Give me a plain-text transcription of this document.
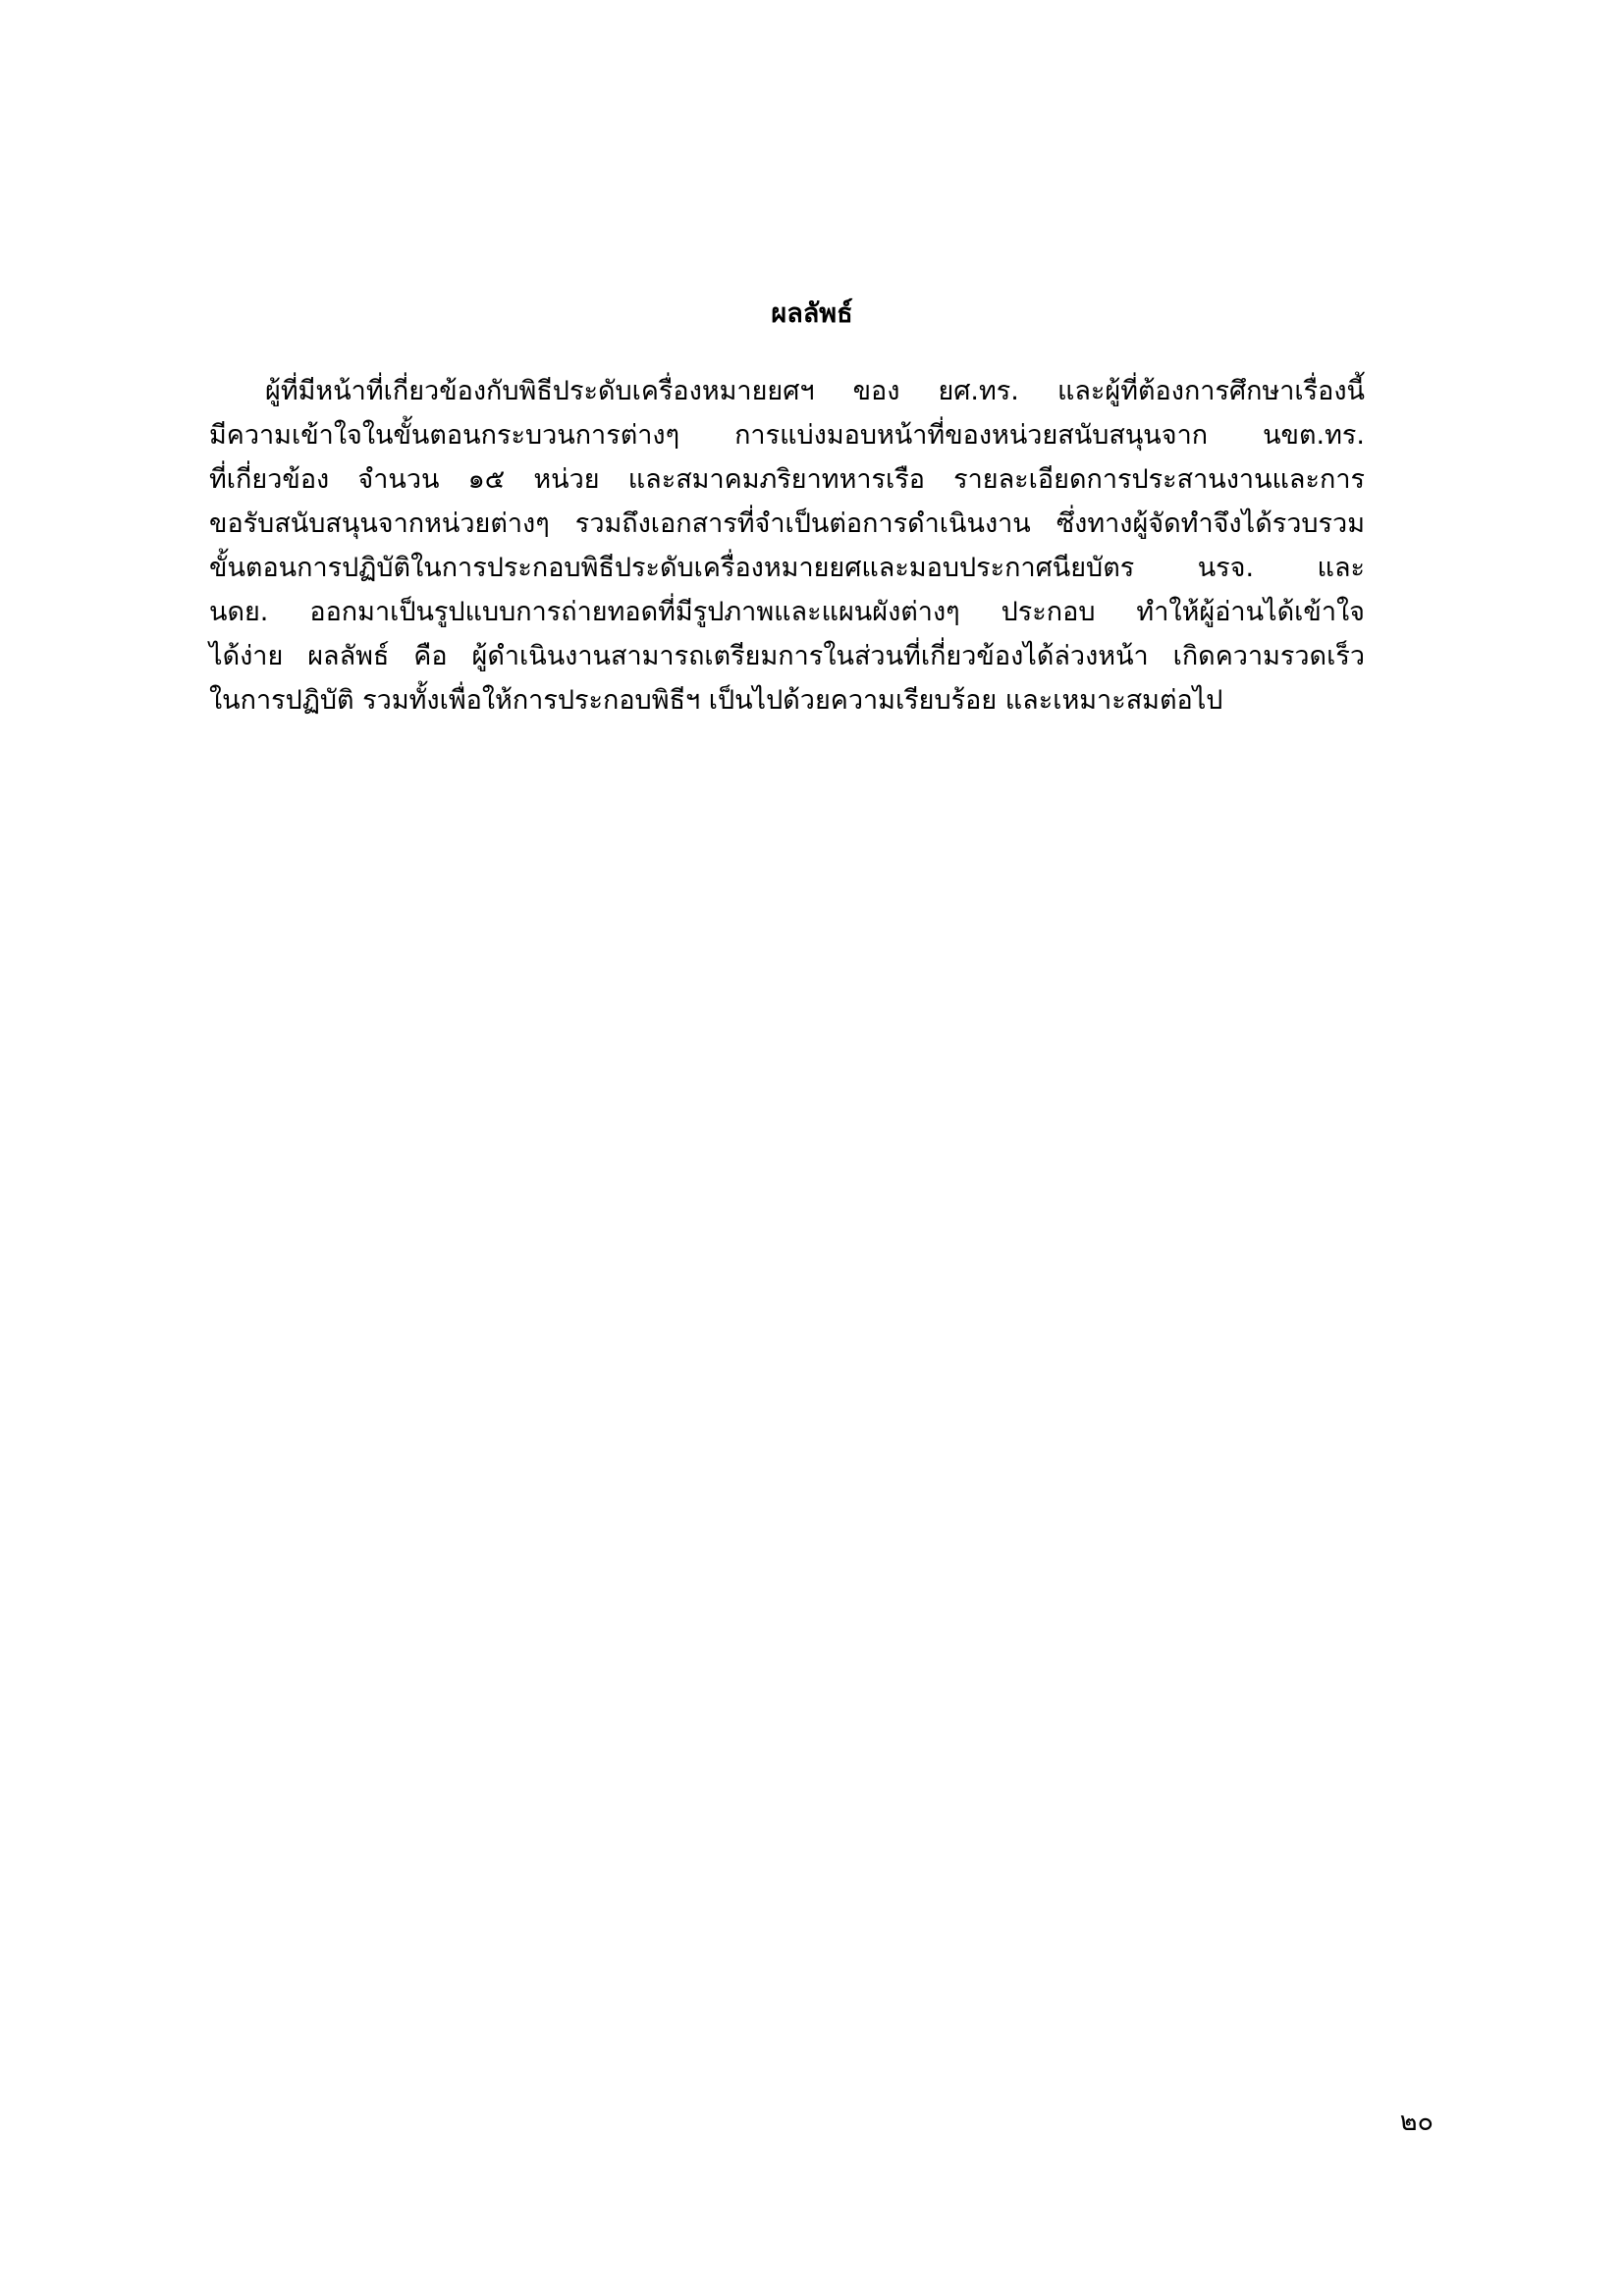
ผลลัพธ์
ผู้ที่มีหน้าที่เกี่ยวข้องกับพิธีประดับเครื่องหมายยศฯ ของ ยศ.ทร. และผู้ที่ต้องการศึกษาเรื่องนี้
มีความเข้าใจในขั้นตอนกระบวนการต่างๆ การแบ่งมอบหน้าที่ของหน่วยสนับสนุนจาก นขต.ทร.
ที่เกี่ยวข้อง จำนวน ๑๕ หน่วย และสมาคมภริยาทหารเรือ รายละเอียดการประสานงานและการ
ขอรับสนับสนุนจากหน่วยต่างๆ รวมถึงเอกสารที่จำเป็นต่อการดำเนินงาน ซึ่งทางผู้จัดทำจึงได้รวบรวม
ขั้นตอนการปฏิบัติในการประกอบพิธีประดับเครื่องหมายยศและมอบประกาศนียบัตร นรจ. และ
นดย. ออกมาเป็นรูปแบบการถ่ายทอดที่มีรูปภาพและแผนผังต่างๆ ประกอบ ทำให้ผู้อ่านได้เข้าใจ
ได้ง่าย ผลลัพธ์ คือ ผู้ดำเนินงานสามารถเตรียมการในส่วนที่เกี่ยวข้องได้ล่วงหน้า เกิดความรวดเร็ว
ในการปฏิบัติ รวมทั้งเพื่อให้การประกอบพิธีฯ เป็นไปด้วยความเรียบร้อย และเหมาะสมต่อไป
๒๐
